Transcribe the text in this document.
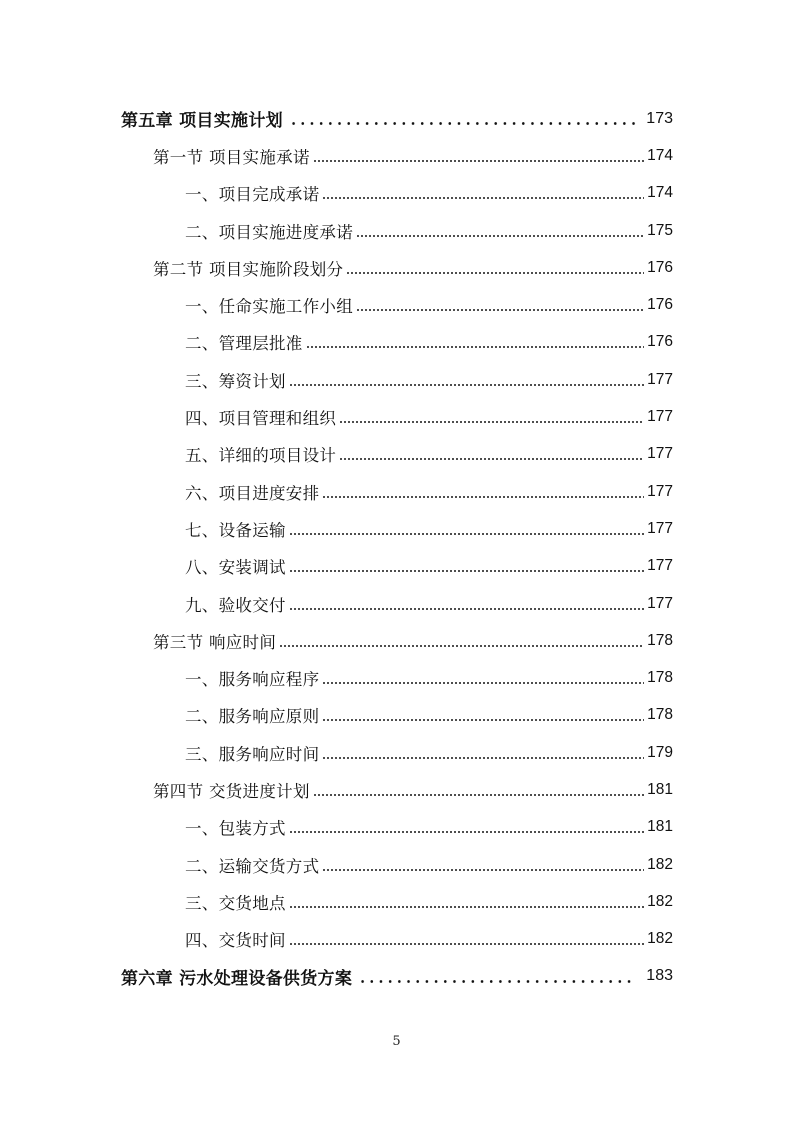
第五章 项目实施计划	173
第一节 项目实施承诺	174
一、项目完成承诺	174
二、项目实施进度承诺	175
第二节 项目实施阶段划分	176
一、任命实施工作小组	176
二、管理层批准	176
三、筹资计划	177
四、项目管理和组织	177
五、详细的项目设计	177
六、项目进度安排	177
七、设备运输	177
八、安装调试	177
九、验收交付	177
第三节 响应时间	178
一、服务响应程序	178
二、服务响应原则	178
三、服务响应时间	179
第四节 交货进度计划	181
一、包装方式	181
二、运输交货方式	182
三、交货地点	182
四、交货时间	182
第六章 污水处理设备供货方案	183
5
